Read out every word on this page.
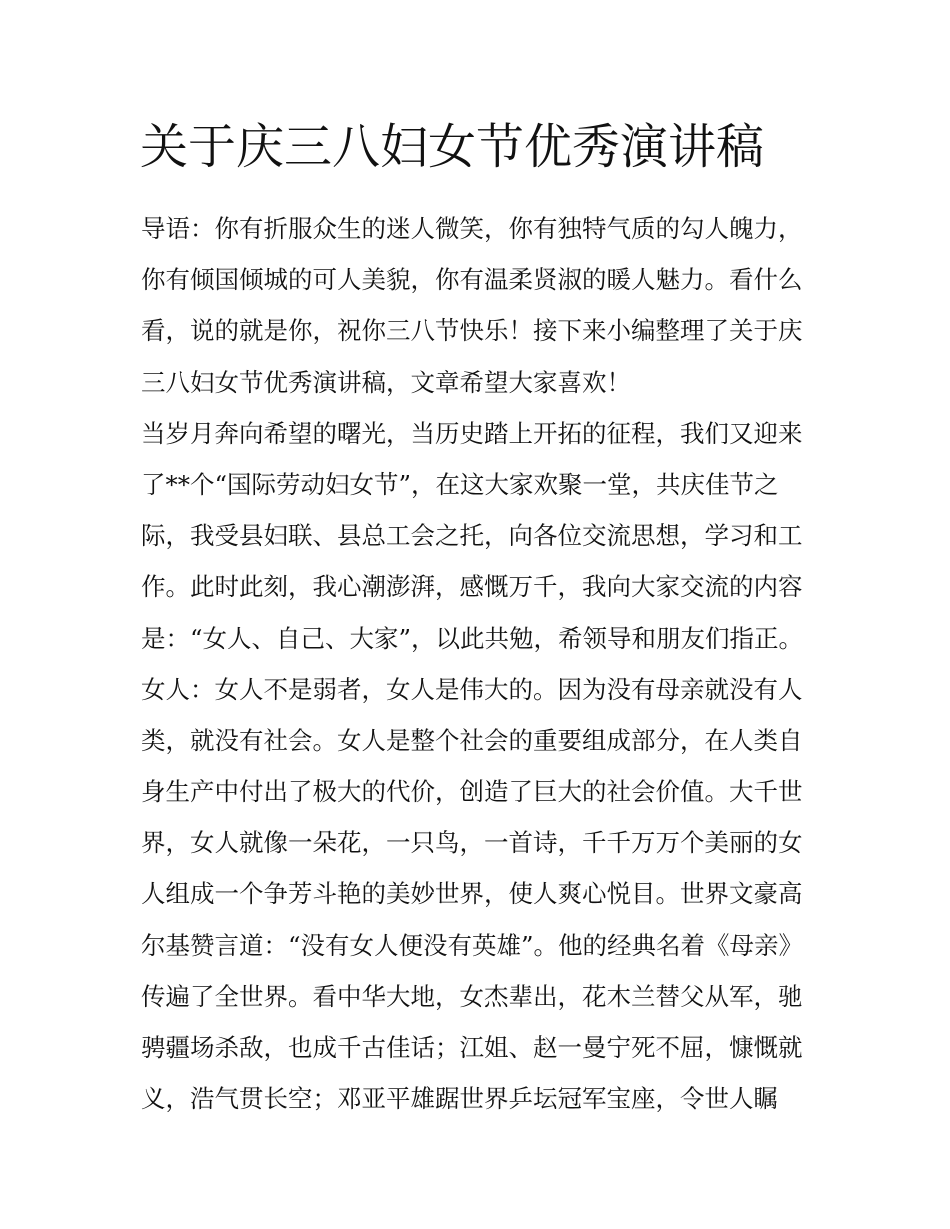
关于庆三八妇女节优秀演讲稿
导语：你有折服众生的迷人微笑，你有独特气质的勾人魄力，
你有倾国倾城的可人美貌，你有温柔贤淑的暖人魅力。看什么
看，说的就是你，祝你三八节快乐！接下来小编整理了关于庆
三八妇女节优秀演讲稿，文章希望大家喜欢！
当岁月奔向希望的曙光，当历史踏上开拓的征程，我们又迎来
了**个“国际劳动妇女节”，在这大家欢聚一堂，共庆佳节之
际，我受县妇联、县总工会之托，向各位交流思想，学习和工
作。此时此刻，我心潮澎湃，感慨万千，我向大家交流的内容
是：“女人、自己、大家”，以此共勉，希领导和朋友们指正。
女人：女人不是弱者，女人是伟大的。因为没有母亲就没有人
类，就没有社会。女人是整个社会的重要组成部分，在人类自
身生产中付出了极大的代价，创造了巨大的社会价值。大千世
界，女人就像一朵花，一只鸟，一首诗，千千万万个美丽的女
人组成一个争芳斗艳的美妙世界，使人爽心悦目。世界文豪高
尔基赞言道：“没有女人便没有英雄”。他的经典名着《母亲》
传遍了全世界。看中华大地，女杰辈出，花木兰替父从军，驰
骋疆场杀敌，也成千古佳话；江姐、赵一曼宁死不屈，慷慨就
义，浩气贯长空；邓亚平雄踞世界乒坛冠军宝座，令世人瞩
